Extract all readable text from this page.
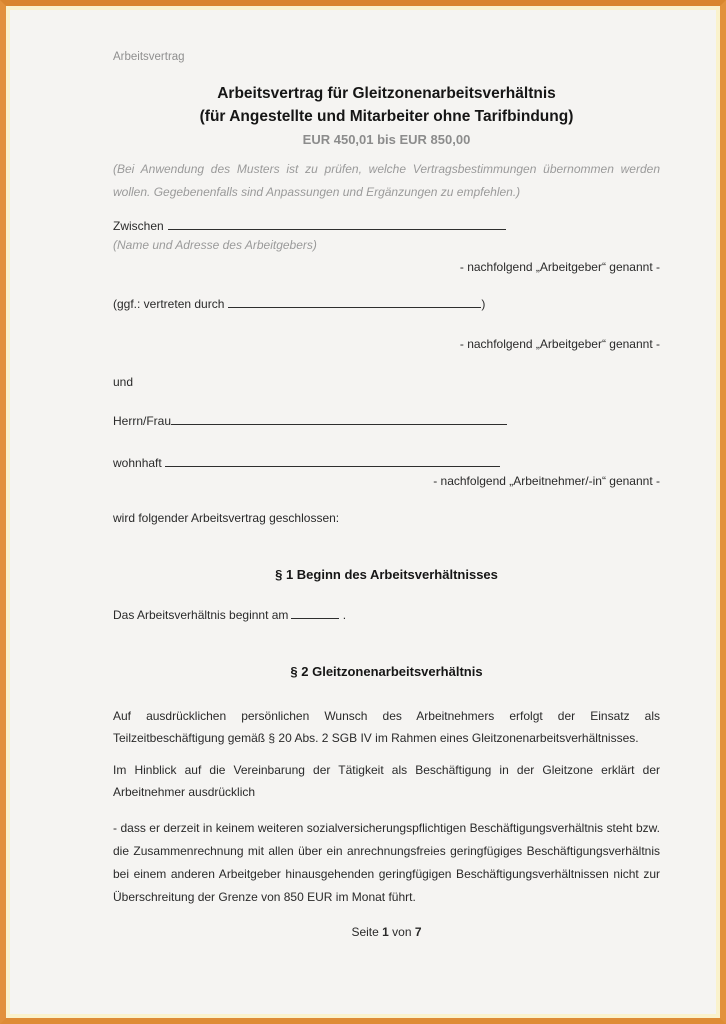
Arbeitsvertrag
Arbeitsvertrag für Gleitzonenarbeitsverhältnis
(für Angestellte und Mitarbeiter ohne Tarifbindung)
EUR 450,01 bis EUR 850,00
(Bei Anwendung des Musters ist zu prüfen, welche Vertragsbestimmungen übernommen werden wollen. Gegebenenfalls sind Anpassungen und Ergänzungen zu empfehlen.)
Zwischen
(Name und Adresse des Arbeitgebers)
- nachfolgend „Arbeitgeber“ genannt -
(ggf.: vertreten durch	)
- nachfolgend „Arbeitgeber“ genannt -
und
Herrn/Frau
wohnhaft
- nachfolgend „Arbeitnehmer/-in“ genannt -
wird folgender Arbeitsvertrag geschlossen:
§ 1 Beginn des Arbeitsverhältnisses
Das Arbeitsverhältnis beginnt am	.
§ 2 Gleitzonenarbeitsverhältnis
Auf ausdrücklichen persönlichen Wunsch des Arbeitnehmers erfolgt der Einsatz als Teilzeitbeschäftigung gemäß § 20 Abs. 2 SGB IV im Rahmen eines Gleitzonenarbeitsverhältnisses.
Im Hinblick auf die Vereinbarung der Tätigkeit als Beschäftigung in der Gleitzone erklärt der Arbeitnehmer ausdrücklich
- dass er derzeit in keinem weiteren sozialversicherungspflichtigen Beschäftigungsverhältnis steht bzw. die Zusammenrechnung mit allen über ein anrechnungsfreies geringfügiges Beschäftigungsverhältnis bei einem anderen Arbeitgeber hinausgehenden geringfügigen Beschäftigungsverhältnissen nicht zur Überschreitung der Grenze von 850 EUR im Monat führt.
Seite 1 von 7
